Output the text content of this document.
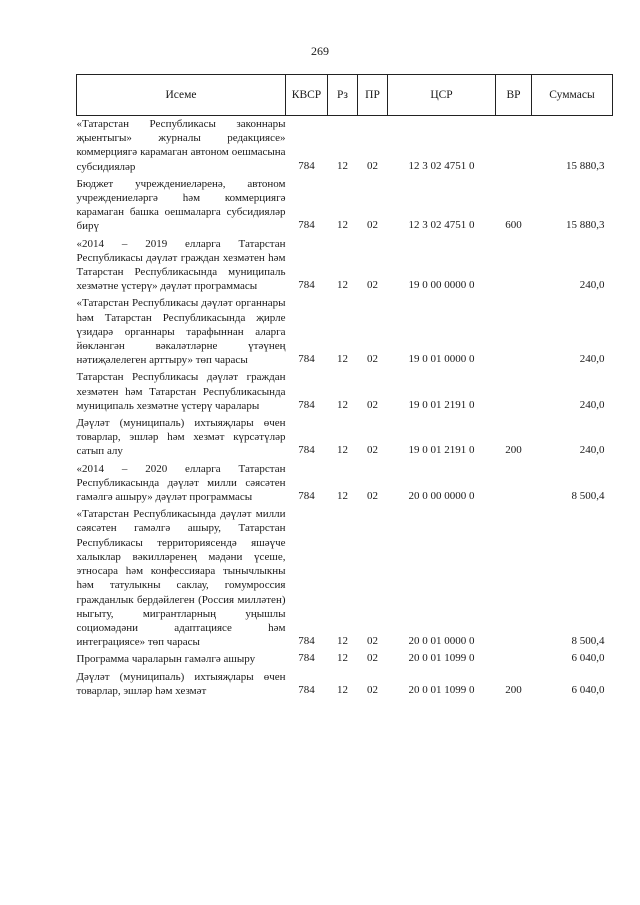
269
Исеме	КВСР	Рз	ПР	ЦСР	ВР	Суммасы
«Татарстан Республикасы законнары җыентыгы» журналы редакциясе» коммерциягә карамаган автоном оешмасына субсидияләр	784	12	02	12 3 02 4751 0		15 880,3
Бюджет учреждениеләренә, автоном учреждениеләргә һәм коммерциягә карамаган башка оешмаларга субсидияләр бирү	784	12	02	12 3 02 4751 0	600	15 880,3
«2014 – 2019 елларга Татарстан Республикасы дәүләт граждан хезмәтен һәм Татарстан Республикасында муниципаль хезмәтне үстерү» дәүләт программасы	784	12	02	19 0 00 0000 0		240,0
«Татарстан Республикасы дәүләт органнары һәм Татарстан Республикасында җирле үзидарә органнары тарафыннан аларга йөкләнгән вәкаләтләрне үтәүнең нәтиҗәлелеген арттыру» төп чарасы	784	12	02	19 0 01 0000 0		240,0
Татарстан Республикасы дәүләт граждан хезмәтен һәм Татарстан Республикасында муниципаль хезмәтне үстерү чаралары	784	12	02	19 0 01 2191 0		240,0
Дәүләт (муниципаль) ихтыяҗлары өчен товарлар, эшләр һәм хезмәт күрсәтүләр сатып алу	784	12	02	19 0 01 2191 0	200	240,0
«2014 – 2020 елларга Татарстан Республикасында дәүләт милли сәясәтен гамәлгә ашыру» дәүләт программасы	784	12	02	20 0 00 0000 0		8 500,4
«Татарстан Республикасында дәүләт милли сәясәтен гамәлгә ашыру, Татарстан Республикасы территориясендә яшәүче халыклар вәкилләренең мәдәни үсеше, этносара һәм конфессияара тынычлыкны һәм татулыкны саклау, гомумроссия гражданлык бердәйлеген (Россия милләтен) ныгыту, мигрантларның уңышлы социомәдәни адаптациясе һәм интеграциясе» төп чарасы	784	12	02	20 0 01 0000 0		8 500,4
Программа чараларын гамәлгә ашыру	784	12	02	20 0 01 1099 0		6 040,0
Дәүләт (муниципаль) ихтыяҗлары өчен товарлар, эшләр һәм хезмәт	784	12	02	20 0 01 1099 0	200	6 040,0
